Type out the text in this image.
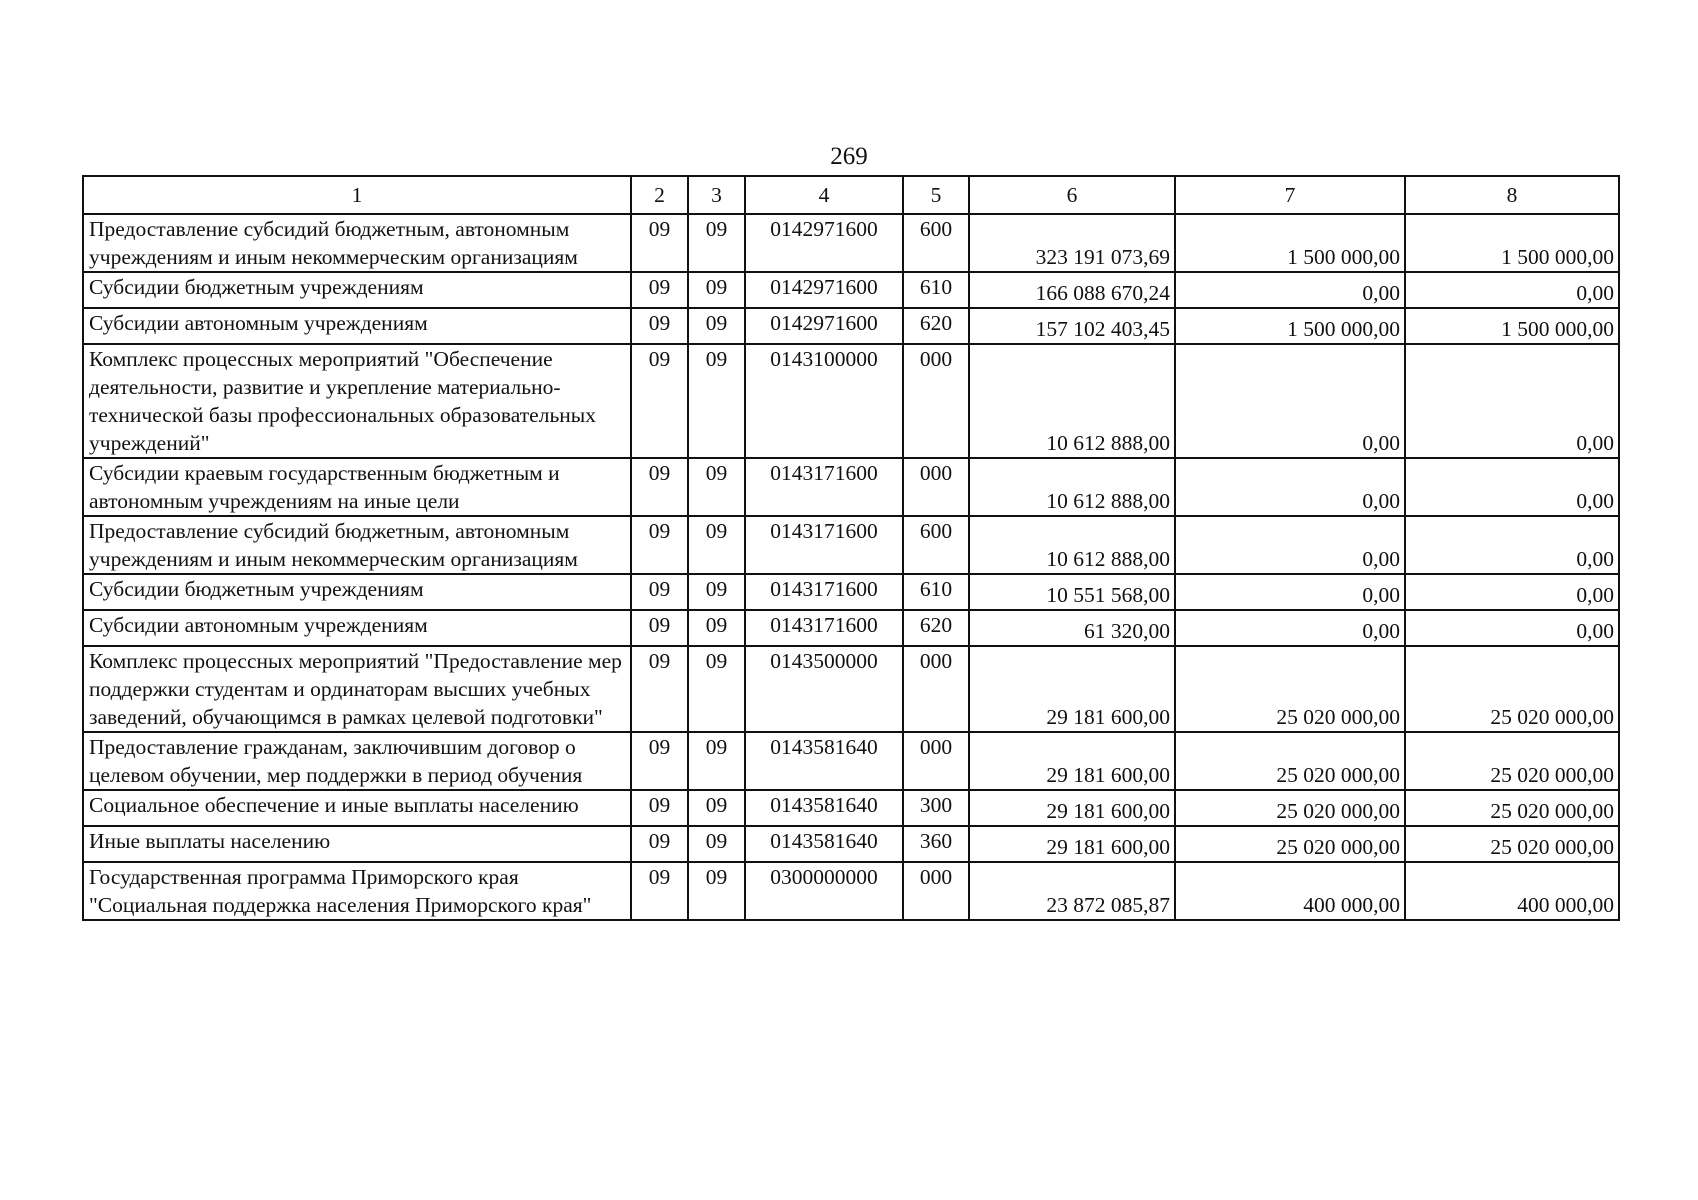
269
1	2	3	4	5	6	7	8
Предоставление субсидий бюджетным, автономным учреждениям и иным некоммерческим организациям	09	09	0142971600	600	323 191 073,69	1 500 000,00	1 500 000,00
Субсидии бюджетным учреждениям	09	09	0142971600	610	166 088 670,24	0,00	0,00
Субсидии автономным учреждениям	09	09	0142971600	620	157 102 403,45	1 500 000,00	1 500 000,00
Комплекс процессных мероприятий "Обеспечение деятельности, развитие и укрепление материально-технической базы профессиональных образовательных учреждений"	09	09	0143100000	000	10 612 888,00	0,00	0,00
Субсидии краевым государственным бюджетным и автономным учреждениям на иные цели	09	09	0143171600	000	10 612 888,00	0,00	0,00
Предоставление субсидий бюджетным, автономным учреждениям и иным некоммерческим организациям	09	09	0143171600	600	10 612 888,00	0,00	0,00
Субсидии бюджетным учреждениям	09	09	0143171600	610	10 551 568,00	0,00	0,00
Субсидии автономным учреждениям	09	09	0143171600	620	61 320,00	0,00	0,00
Комплекс процессных мероприятий "Предоставление мер поддержки студентам и ординаторам высших учебных заведений, обучающимся в рамках целевой подготовки"	09	09	0143500000	000	29 181 600,00	25 020 000,00	25 020 000,00
Предоставление гражданам, заключившим договор о целевом обучении, мер поддержки в период обучения	09	09	0143581640	000	29 181 600,00	25 020 000,00	25 020 000,00
Социальное обеспечение и иные выплаты населению	09	09	0143581640	300	29 181 600,00	25 020 000,00	25 020 000,00
Иные выплаты населению	09	09	0143581640	360	29 181 600,00	25 020 000,00	25 020 000,00
Государственная программа Приморского края "Социальная поддержка населения Приморского края"	09	09	0300000000	000	23 872 085,87	400 000,00	400 000,00
